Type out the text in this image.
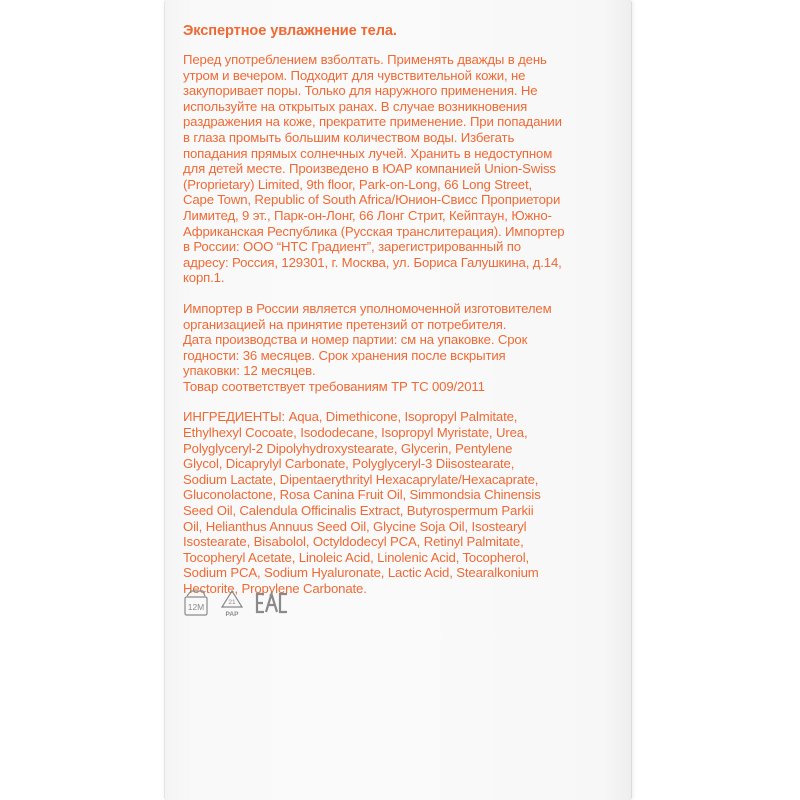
Экспертное увлажнение тела.
Перед употреблением взболтать. Применять дважды в день
утром и вечером. Подходит для чувствительной кожи, не
закупоривает поры. Только для наружного применения. Не
используйте на открытых ранах. В случае возникновения
раздражения на коже, прекратите применение. При попадании
в глаза промыть большим количеством воды. Избегать
попадания прямых солнечных лучей. Хранить в недоступном
для детей месте. Произведено в ЮАР компанией Union-Swiss
(Proprietary) Limited, 9th floor, Park-on-Long, 66 Long Street,
Cape Town, Republic of South Africa/Юнион-Свисс Проприетори
Лимитед, 9 эт., Парк-он-Лонг, 66 Лонг Стрит, Кейптаун, Южно-
Африканская Республика (Русская транслитерация). Импортер
в России: ООО “НТС Градиент”, зарегистрированный по
адресу: Россия, 129301, г. Москва, ул. Бориса Галушкина, д.14,
корп.1.
Импортер в России является уполномоченной изготовителем
организацией на принятие претензий от потребителя.
Дата производства и номер партии: см на упаковке. Срок
годности: 36 месяцев. Срок хранения после вскрытия
упаковки: 12 месяцев.
Товар соответствует требованиям ТР ТС 009/2011
ИНГРЕДИЕНТЫ: Aqua, Dimethicone, Isopropyl Palmitate,
Ethylhexyl Cocoate, Isododecane, Isopropyl Myristate, Urea,
Polyglyceryl-2 Dipolyhydroxystearate, Glycerin, Pentylene
Glycol, Dicaprylyl Carbonate, Polyglyceryl-3 Diisostearate,
Sodium Lactate, Dipentaerythrityl Hexacaprylate/Hexacaprate,
Gluconolactone, Rosa Canina Fruit Oil, Simmondsia Chinensis
Seed Oil, Calendula Officinalis Extract, Butyrospermum Parkii
Oil, Helianthus Annuus Seed Oil, Glycine Soja Oil, Isostearyl
Isostearate, Bisabolol, Octyldodecyl PCA, Retinyl Palmitate,
Tocopheryl Acetate, Linoleic Acid, Linolenic Acid, Tocopherol,
Sodium PCA, Sodium Hyaluronate, Lactic Acid, Stearalkonium
Hectorite, Propylene Carbonate.
12M	21
PAP
